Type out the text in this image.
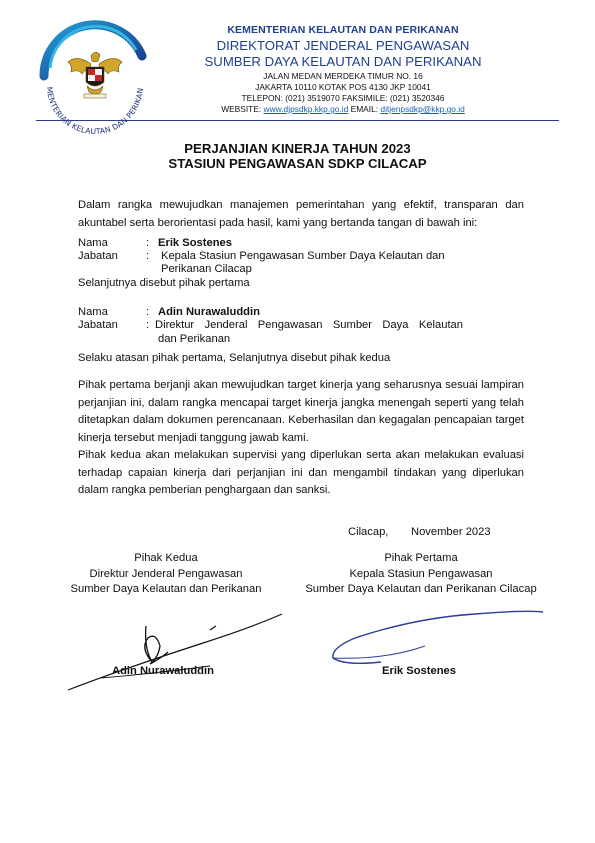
MENTERIAN KELAUTAN DAN PERIKAN
KEMENTERIAN KELAUTAN DAN PERIKANAN
DIREKTORAT JENDERAL PENGAWASAN
SUMBER DAYA KELAUTAN DAN PERIKANAN
JALAN MEDAN MERDEKA TIMUR NO. 16
JAKARTA 10110 KOTAK POS 4130 JKP 10041
TELEPON: (021) 3519070 FAKSIMILE: (021) 3520346
WEBSITE: www.djpsdkp.kkp.go.id EMAIL: ditjenpsdkp@kkp.go.id
PERJANJIAN KINERJA TAHUN 2023
STASIUN PENGAWASAN SDKP CILACAP
Dalam rangka mewujudkan manajemen pemerintahan yang efektif, transparan dan akuntabel serta berorientasi pada hasil, kami yang bertanda tangan di bawah ini:
Nama	: Erik Sostenes
Jabatan	: Kepala Stasiun Pengawasan Sumber Daya Kelautan dan
Perikanan Cilacap
Selanjutnya disebut pihak pertama
Nama	: Adin Nurawaluddin
Jabatan	: Direktur Jenderal Pengawasan Sumber Daya Kelautan
dan Perikanan
Selaku atasan pihak pertama, Selanjutnya disebut pihak kedua
Pihak pertama berjanji akan mewujudkan target kinerja yang seharusnya sesuai lampiran perjanjian ini, dalam rangka mencapai target kinerja jangka menengah seperti yang telah ditetapkan dalam dokumen perencanaan. Keberhasilan dan kegagalan pencapaian target kinerja tersebut menjadi tanggung jawab kami.
Pihak kedua akan melakukan supervisi yang diperlukan serta akan melakukan evaluasi terhadap capaian kinerja dari perjanjian ini dan mengambil tindakan yang diperlukan dalam rangka pemberian penghargaan dan sanksi.
Cilacap, November 2023
Pihak Kedua
Direktur Jenderal Pengawasan
Sumber Daya Kelautan dan Perikanan
Pihak Pertama
Kepala Stasiun Pengawasan
Sumber Daya Kelautan dan Perikanan Cilacap
Adin Nurawaluddin	Erik Sostenes
